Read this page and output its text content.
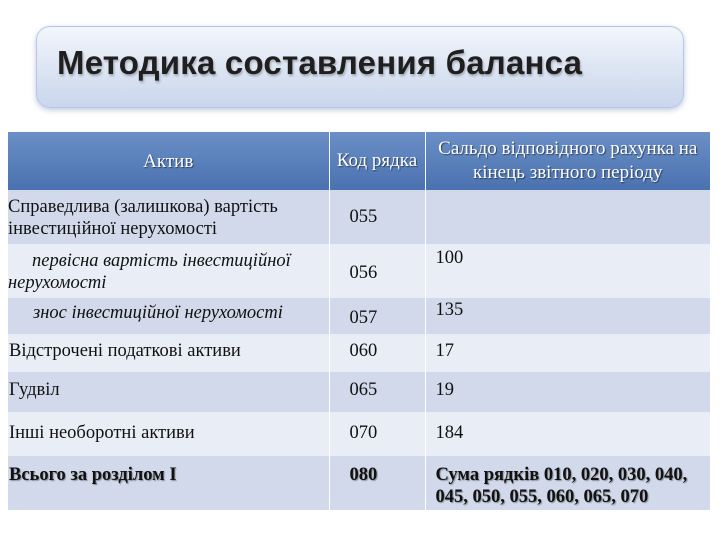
Методика составления баланса
Актив	Код рядка	Сальдо відповідного рахунка на кінець звітного періоду
Справедлива (залишкова) вартість інвестиційної нерухомості	055	
первісна вартість інвестиційної нерухомості	056	100
знос інвестиційної нерухомості	057	135
Відстрочені податкові активи	060	17
Гудвіл	065	19
Інші необоротні активи	070	184
Всього за розділом I	080	Сума рядків 010, 020, 030, 040, 045, 050, 055, 060, 065, 070
